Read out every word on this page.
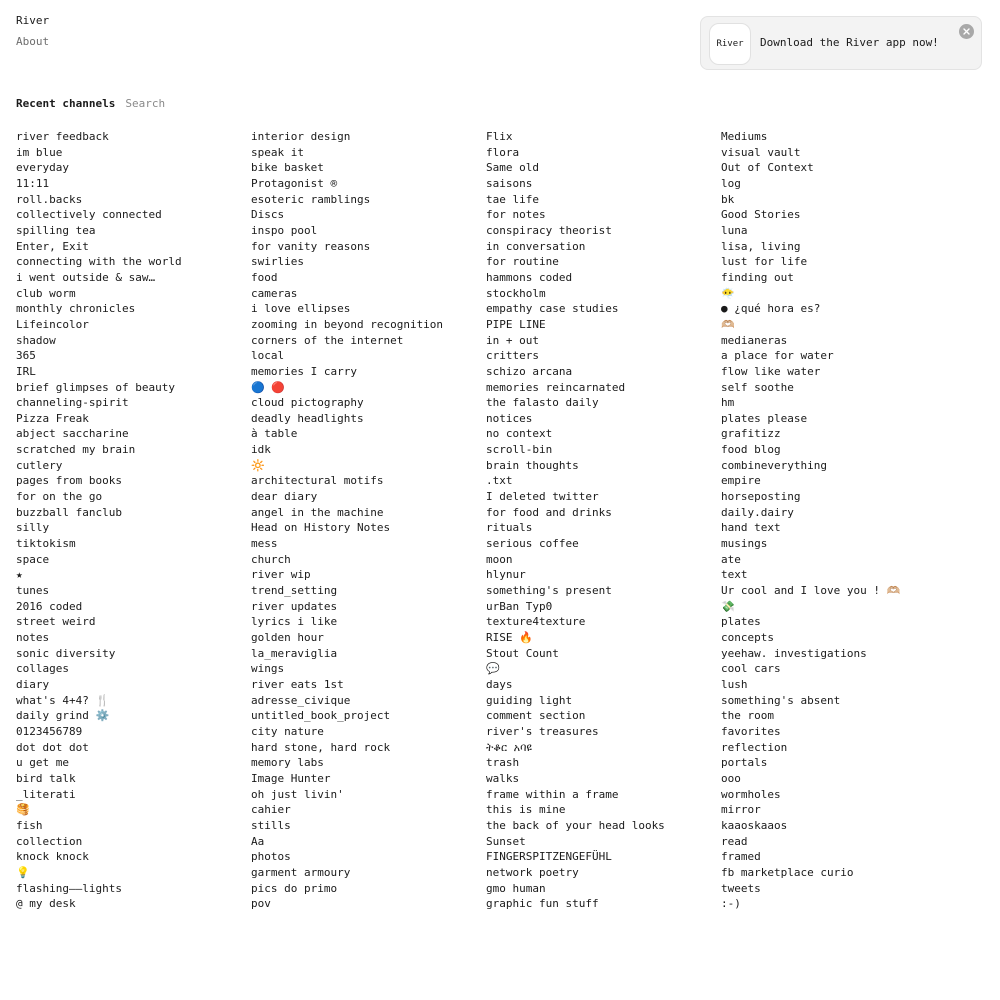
River
About	River	Download the River app now!
Recent channels
Search
river feedback
im blue
everyday
11:11
roll.backs
collectively connected
spilling tea
Enter, Exit
connecting with the world
i went outside & saw…
club worm
monthly chronicles
Lifeincolor
shadow
365
IRL
brief glimpses of beauty
channeling-spirit
Pizza Freak
abject saccharine
scratched my brain
cutlery
pages from books
for on the go
buzzball fanclub
silly
tiktokism
space
★
tunes
2016 coded
street weird
notes
sonic diversity
collages
diary
what's 4+4? 🍴
daily grind ⚙️
0123456789
dot dot dot
u get me
bird talk
_literati
🥞
fish
collection
knock knock
💡
flashing——lights
@ my desk
interior design
speak it
bike basket
Protagonist ®
esoteric ramblings
Discs
inspo pool
for vanity reasons
swirlies
food
cameras
i love ellipses
zooming in beyond recognition
corners of the internet
local
memories I carry
🔵 🔴
cloud pictography
deadly headlights
à table
idk
🔆
architectural motifs
dear diary
angel in the machine
Head on History Notes
mess
church
river wip
trend_setting
river updates
lyrics i like
golden hour
la_meraviglia
wings
river eats 1st
adresse_civique
untitled_book_project
city nature
hard stone, hard rock
memory labs
Image Hunter
oh just livin'
cahier
stills
Aa
photos
garment armoury
pics do primo
pov
Flix
flora
Same old
saisons
tae life
for notes
conspiracy theorist
in conversation
for routine
hammons coded
stockholm
empathy case studies
PIPE LINE
in + out
critters
schizo arcana
memories reincarnated
the falasto daily
notices
no context
scroll-bin
brain thoughts
.txt
I deleted twitter
for food and drinks
rituals
serious coffee
moon
hlynur
something's present
urBan Typ0
texture4texture
RISE 🔥
Stout Count
💬
days
guiding light
comment section
river's treasures
ትቆር አባዩ
trash
walks
frame within a frame
this is mine
the back of your head looks
Sunset
FINGERSPITZENGEFÜHL
network poetry
gmo human
graphic fun stuff
Mediums
visual vault
Out of Context
log
bk
Good Stories
luna
lisa, living
lust for life
finding out
😶‍🌫️
● ¿qué hora es?
🫶🏼
medianeras
a place for water
flow like water
self soothe
hm
plates please
grafitizz
food blog
combineverything
empire
horseposting
daily.dairy
hand text
musings
ate
text
Ur cool and I love you ! 🫶🏼
💸
plates
concepts
yeehaw. investigations
cool cars
lush
something's absent
the room
favorites
reflection
portals
ooo
wormholes
mirror
kaaoskaaos
read
framed
fb marketplace curio
tweets
:-)
